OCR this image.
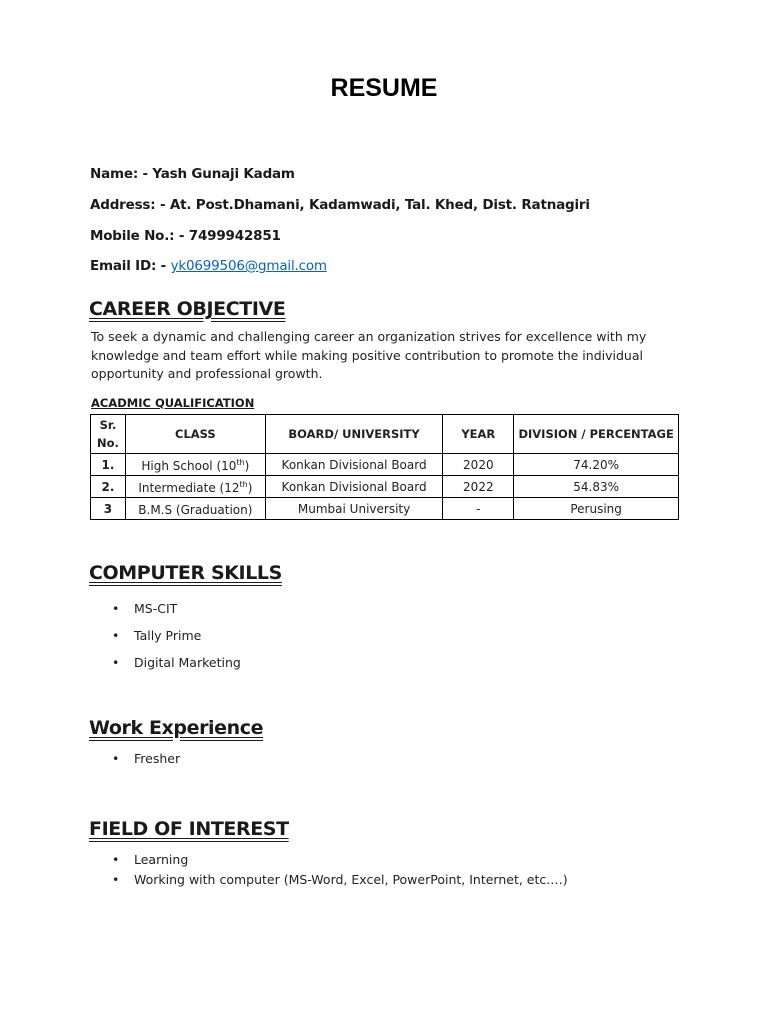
RESUME
Name: - Yash Gunaji Kadam
Address: - At. Post.Dhamani, Kadamwadi, Tal. Khed, Dist. Ratnagiri
Mobile No.: - 7499942851
Email ID: - yk0699506@gmail.com
CAREER OBJECTIVE
To seek a dynamic and challenging career an organization strives for excellence with my knowledge and team effort while making positive contribution to promote the individual opportunity and professional growth.
ACADMIC QUALIFICATION
Sr. No.	CLASS	BOARD/ UNIVERSITY	YEAR	DIVISION / PERCENTAGE
1.	High School (10th)	Konkan Divisional Board	2020	74.20%
2.	Intermediate (12th)	Konkan Divisional Board	2022	54.83%
3	B.M.S (Graduation)	Mumbai University	-	Perusing
COMPUTER SKILLS
• MS-CIT
• Tally Prime
• Digital Marketing
Work Experience
• Fresher
FIELD OF INTEREST
• Learning
• Working with computer (MS-Word, Excel, PowerPoint, Internet, etc.…)
